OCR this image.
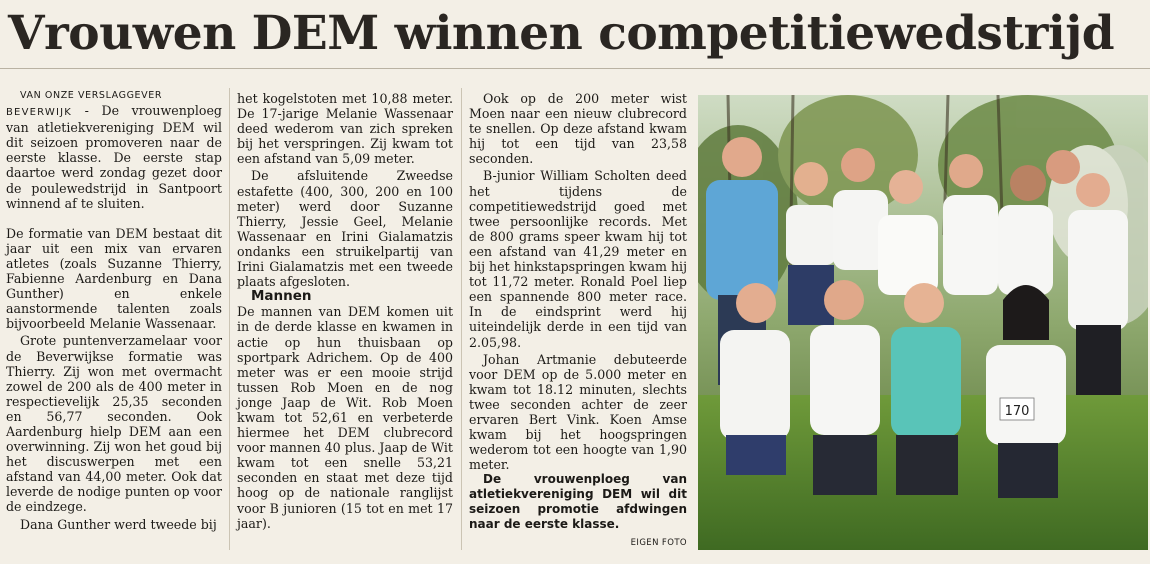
Vrouwen DEM winnen competitiewedstrijd

VAN ONZE VERSLAGGEVER

BEVERWIJK - De vrouwenploeg van atletiekvereniging DEM wil dit seizoen promoveren naar de eerste klasse. De eerste stap daartoe werd zondag gezet door de poulewedstrijd in Santpoort winnend af te sluiten.

De formatie van DEM bestaat dit jaar uit een mix van ervaren atletes (zoals Suzanne Thierry, Fabienne Aardenburg en Dana Gunther) en enkele aanstormende talenten zoals bijvoorbeeld Melanie Wassenaar.

Grote puntenverzamelaar voor de Beverwijkse formatie was Thierry. Zij won met overmacht zowel de 200 als de 400 meter in respectievelijk 25,35 seconden en 56,77 seconden. Ook Aardenburg hielp DEM aan een overwinning. Zij won het goud bij het discuswerpen met een afstand van 44,00 meter. Ook dat leverde de nodige punten op voor de eindzege.

Dana Gunther werd tweede bij

het kogelstoten met 10,88 meter. De 17-jarige Melanie Wassenaar deed wederom van zich spreken bij het verspringen. Zij kwam tot een afstand van 5,09 meter.

De afsluitende Zweedse estafette (400, 300, 200 en 100 meter) werd door Suzanne Thierry, Jessie Geel, Melanie Wassenaar en Irini Gialamatzis ondanks een struikelpartij van Irini Gialamatzis met een tweede plaats afgesloten.

Mannen

De mannen van DEM komen uit in de derde klasse en kwamen in actie op hun thuisbaan op sportpark Adrichem. Op de 400 meter was er een mooie strijd tussen Rob Moen en de nog jonge Jaap de Wit. Rob Moen kwam tot 52,61 en verbeterde hiermee het DEM clubrecord voor mannen 40 plus. Jaap de Wit kwam tot een snelle 53,21 seconden en staat met deze tijd hoog op de nationale ranglijst voor B junioren (15 tot en met 17 jaar).

Ook op de 200 meter wist Moen naar een nieuw clubrecord te snellen. Op deze afstand kwam hij tot een tijd van 23,58 seconden.

B-junior William Scholten deed het tijdens de competitiewedstrijd goed met twee persoonlijke records. Met de 800 grams speer kwam hij tot een afstand van 41,29 meter en bij het hinkstapspringen kwam hij tot 11,72 meter. Ronald Poel liep een spannende 800 meter race. In de eindsprint werd hij uiteindelijk derde in een tijd van 2.05,98.

Johan Artmanie debuteerde voor DEM op de 5.000 meter en kwam tot 18.12 minuten, slechts twee seconden achter de zeer ervaren Bert Vink. Koen Amse kwam bij het hoogspringen wederom tot een hoogte van 1,90 meter.

De vrouwenploeg van atletiekvereniging DEM wil dit seizoen promotie afdwingen naar de eerste klasse.
EIGEN FOTO

170
